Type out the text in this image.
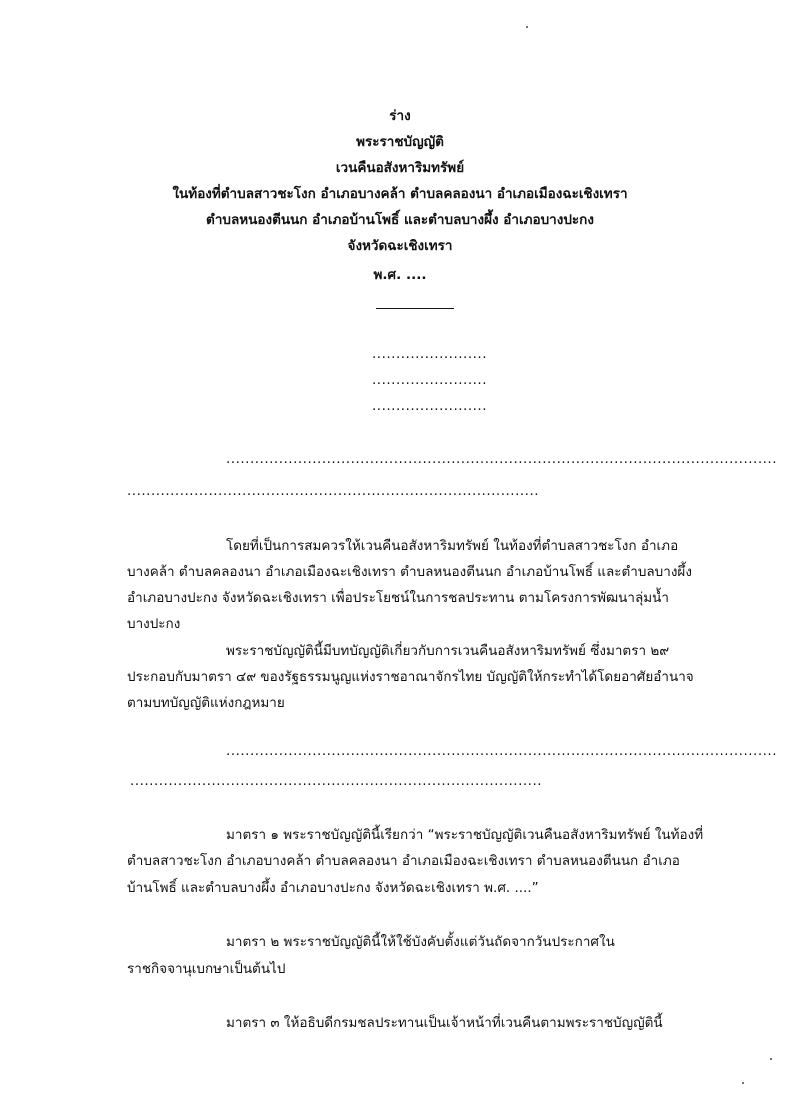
ร่าง
พระราชบัญญัติ
เวนคืนอสังหาริมทรัพย์
ในท้องที่ตำบลสาวชะโงก อำเภอบางคล้า ตำบลคลองนา อำเภอเมืองฉะเชิงเทรา
ตำบลหนองตีนนก อำเภอบ้านโพธิ์ และตำบลบางผึ้ง อำเภอบางปะกง
จังหวัดฉะเชิงเทรา
พ.ศ. ....
........................
........................
........................
...................................................................................................................
......................................................................................
โดยที่เป็นการสมควรให้เวนคืนอสังหาริมทรัพย์ ในท้องที่ตำบลสาวชะโงก อำเภอ
บางคล้า ตำบลคลองนา อำเภอเมืองฉะเชิงเทรา ตำบลหนองตีนนก อำเภอบ้านโพธิ์ และตำบลบางผึ้ง
อำเภอบางปะกง จังหวัดฉะเชิงเทรา เพื่อประโยชน์ในการชลประทาน ตามโครงการพัฒนาลุ่มน้ำ
บางปะกง
พระราชบัญญัตินี้มีบทบัญญัติเกี่ยวกับการเวนคืนอสังหาริมทรัพย์ ซึ่งมาตรา ๒๙
ประกอบกับมาตรา ๔๙ ของรัฐธรรมนูญแห่งราชอาณาจักรไทย บัญญัติให้กระทำได้โดยอาศัยอำนาจ
ตามบทบัญญัติแห่งกฎหมาย
...................................................................................................................
......................................................................................
มาตรา ๑ พระราชบัญญัตินี้เรียกว่า “พระราชบัญญัติเวนคืนอสังหาริมทรัพย์ ในท้องที่
ตำบลสาวชะโงก อำเภอบางคล้า ตำบลคลองนา อำเภอเมืองฉะเชิงเทรา ตำบลหนองตีนนก อำเภอ
บ้านโพธิ์ และตำบลบางผึ้ง อำเภอบางปะกง จังหวัดฉะเชิงเทรา พ.ศ. ....”
มาตรา ๒ พระราชบัญญัตินี้ให้ใช้บังคับตั้งแต่วันถัดจากวันประกาศใน
ราชกิจจานุเบกษาเป็นต้นไป
มาตรา ๓ ให้อธิบดีกรมชลประทานเป็นเจ้าหน้าที่เวนคืนตามพระราชบัญญัตินี้
